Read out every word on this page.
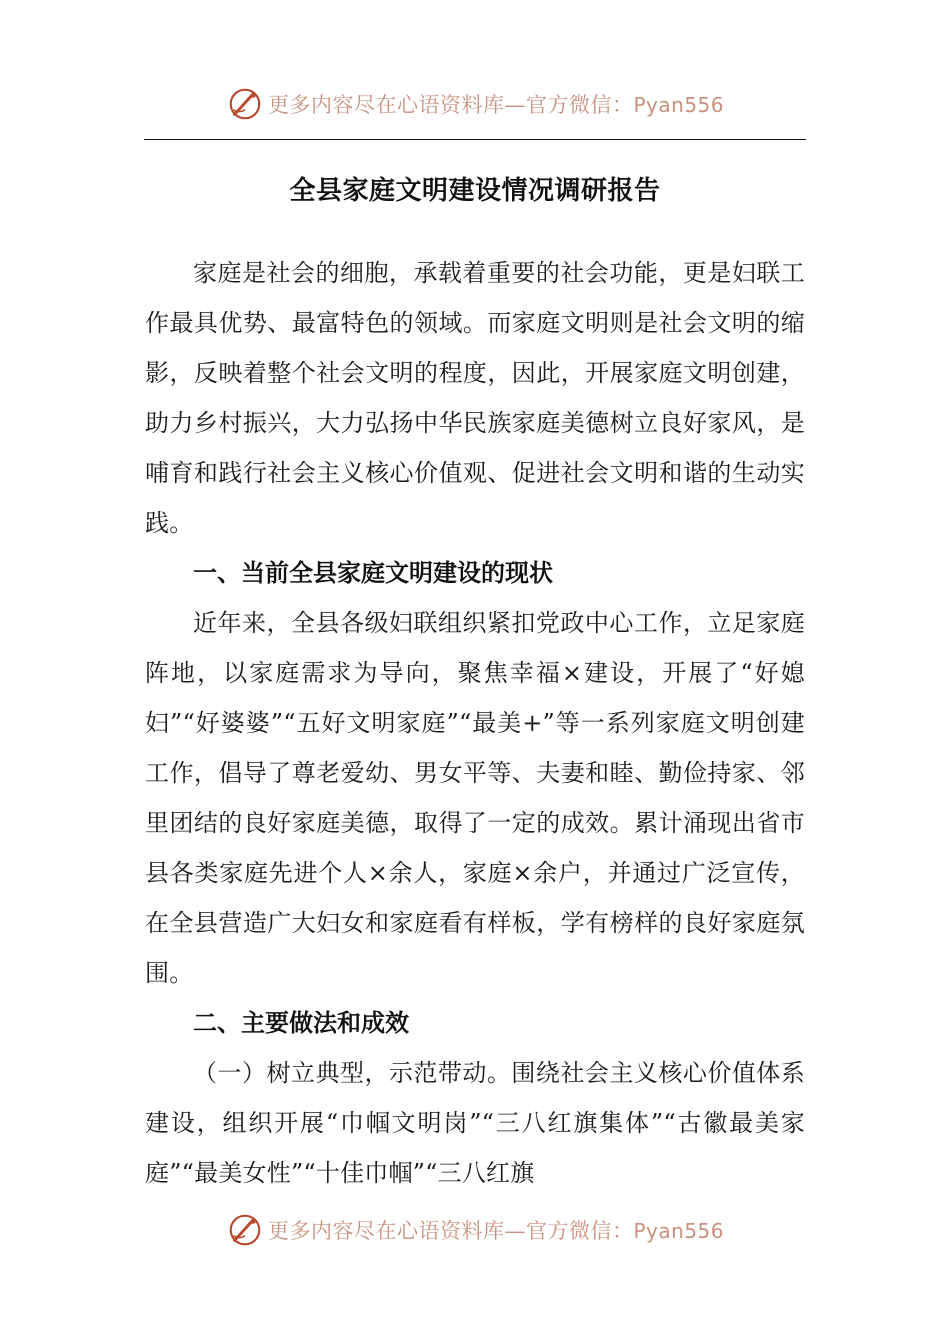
更多内容尽在心语资料库—官方微信：Pyan556
全县家庭文明建设情况调研报告

家庭是社会的细胞，承载着重要的社会功能，更是妇联工作最具优势、最富特色的领域。而家庭文明则是社会文明的缩影，反映着整个社会文明的程度，因此，开展家庭文明创建，助力乡村振兴，大力弘扬中华民族家庭美德树立良好家风，是哺育和践行社会主义核心价值观、促进社会文明和谐的生动实践。

一、当前全县家庭文明建设的现状

近年来，全县各级妇联组织紧扣党政中心工作，立足家庭阵地，以家庭需求为导向，聚焦幸福×建设，开展了“好媳妇”“好婆婆”“五好文明家庭”“最美+”等一系列家庭文明创建工作，倡导了尊老爱幼、男女平等、夫妻和睦、勤俭持家、邻里团结的良好家庭美德，取得了一定的成效。累计涌现出省市县各类家庭先进个人×余人，家庭×余户，并通过广泛宣传，在全县营造广大妇女和家庭看有样板，学有榜样的良好家庭氛围。

二、主要做法和成效

（一）树立典型，示范带动。围绕社会主义核心价值体系建设，组织开展“巾帼文明岗”“三八红旗集体”“古徽最美家庭”“最美女性”“十佳巾帼”“三八红旗

更多内容尽在心语资料库—官方微信：Pyan556
